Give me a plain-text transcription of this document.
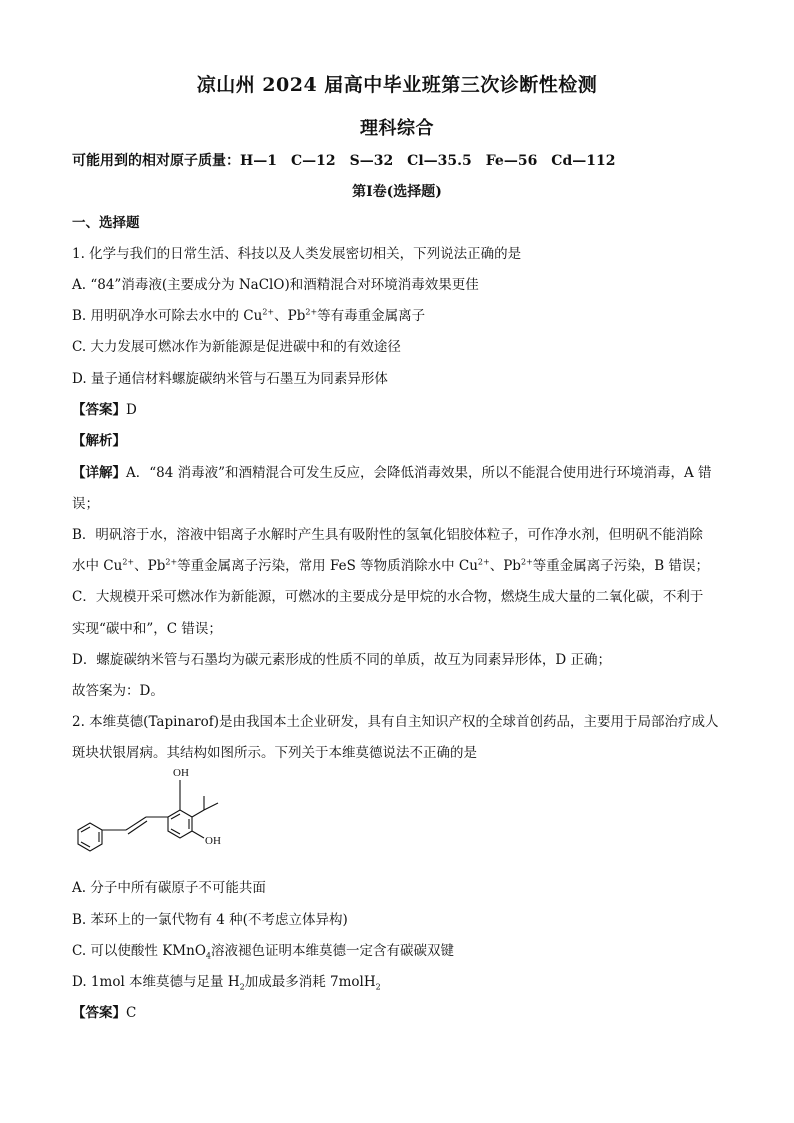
凉山州 2024 届高中毕业班第三次诊断性检测
理科综合
可能用到的相对原子质量：H—1　C—12　S—32　Cl—35.5　Fe—56　Cd—112
第Ⅰ卷(选择题)
一、选择题
1. 化学与我们的日常生活、科技以及人类发展密切相关，下列说法正确的是
A. “84”消毒液(主要成分为 NaClO)和酒精混合对环境消毒效果更佳
B. 用明矾净水可除去水中的 $Cu^{2+}$、$Pb^{2+}$等有毒重金属离子
C. 大力发展可燃冰作为新能源是促进碳中和的有效途径
D. 量子通信材料螺旋碳纳米管与石墨互为同素异形体
【答案】D
【解析】
【详解】A．“84 消毒液”和酒精混合可发生反应，会降低消毒效果，所以不能混合使用进行环境消毒，A 错
误；
B．明矾溶于水，溶液中铝离子水解时产生具有吸附性的氢氧化铝胶体粒子，可作净水剂，但明矾不能消除
水中 $Cu^{2+}$、$Pb^{2+}$等重金属离子污染，常用 FeS 等物质消除水中 $Cu^{2+}$、$Pb^{2+}$等重金属离子污染，B 错误；
C．大规模开采可燃冰作为新能源，可燃冰的主要成分是甲烷的水合物，燃烧生成大量的二氧化碳，不利于
实现“碳中和”，C 错误；
D．螺旋碳纳米管与石墨均为碳元素形成的性质不同的单质，故互为同素异形体，D 正确；
故答案为：D。
2. 本维莫德(Tapinarof)是由我国本土企业研发，具有自主知识产权的全球首创药品，主要用于局部治疗成人
斑块状银屑病。其结构如图所示。下列关于本维莫德说法不正确的是
OH
OH
A. 分子中所有碳原子不可能共面
B. 苯环上的一氯代物有 4 种(不考虑立体异构)
C. 可以使酸性 KMnO$_4$溶液褪色证明本维莫德一定含有碳碳双键
D. 1mol 本维莫德与足量 $H_2$加成最多消耗 7molH$_2$
【答案】C
